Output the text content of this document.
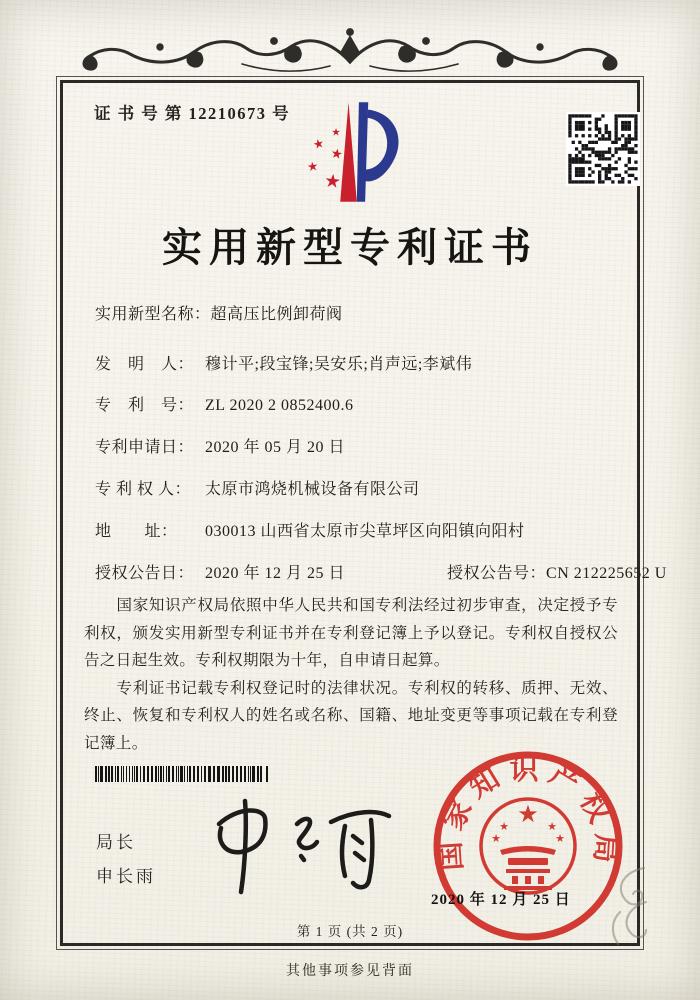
证 书 号 第 12210673 号
★
★
★
★
★
实用新型专利证书
实用新型名称：超高压比例卸荷阀
发　明　人： 穆计平;段宝锋;吴安乐;肖声远;李斌伟
专　利　号： ZL 2020 2 0852400.6
专利申请日： 2020 年 05 月 20 日
专 利 权 人： 太原市鸿烧机械设备有限公司
地　　址： 030013 山西省太原市尖草坪区向阳镇向阳村
授权公告日： 2020 年 12 月 25 日	授权公告号：CN 212225652 U

国家知识产权局依照中华人民共和国专利法经过初步审查，决定授予专利权，颁发实用新型专利证书并在专利登记簿上予以登记。专利权自授权公告之日起生效。专利权期限为十年，自申请日起算。

专利证书记载专利权登记时的法律状况。专利权的转移、质押、无效、终止、恢复和专利权人的姓名或名称、国籍、地址变更等事项记载在专利登记簿上。

局长
申长雨
国家知识产权局
★
★	★
★	★
2020 年 12 月 25 日
第 1 页 (共 2 页)
其他事项参见背面
